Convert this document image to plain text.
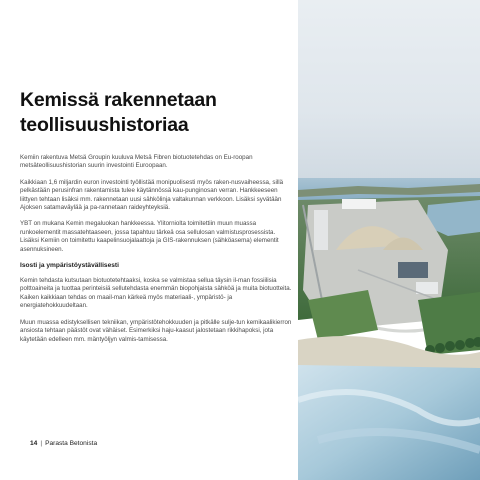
Kemissä rakennetaan
teollisuushistoriaa

Kemiin rakentuva Metsä Groupin kuuluva Metsä Fibren biotuotetehdas on Eu-roopan metsäteollisuushistorian suurin investointi Euroopaan.

Kaikkiaan 1,6 miljardin euron investointi työllistää monipuolisesti myös raken-nusvaiheessa, sillä pelkästään perusinfran rakentamista tulee käytännössä kau-punginosan verran. Hankkeeseen liittyen tehtaan lisäksi mm. rakennetaan uusi sähkölinja valtakunnan verkkoon. Lisäksi syvätään Ajoksen satamaväylää ja pa-rannetaan raideyhteyksiä.

YBT on mukana Kemin megaluokan hankkeessa. Ylitorniolta toimitettiin muun muassa runkoelementit massatehtaaseen, jossa tapahtuu tärkeä osa sellulosan valmistusprosessista. Lisäksi Kemiin on toimitettu kaapelinsuojalaattoja ja GIS-rakennuksen (sähköasema) elementit asennuksineen.

Isosti ja ympäristöystävällisesti

Kemin tehdasta kutsutaan biotuotetehtaaksi, koska se valmistaa sellua täysin il-man fossiilisia polttoaineita ja tuottaa perinteisiä sellutehdasta enemmän biopohjaista sähköä ja muita biotuotteita. Kaiken kaikkiaan tehdas on maail-man kärkeä myös materiaali-, ympäristö- ja energiatehokkuudeltaan.

Muun muassa edistyksellisen tekniikan, ympäristötehokkuuden ja pitkälle sulje-tun kemikaalikierron ansiosta tehtaan päästöt ovat vähäiset. Esimerkiksi haju-kaasut jalostetaan rikkihapoksi, jota käytetään edelleen mm. mäntyöljyn valmis-tamisessa.

14 | Parasta Betonista
